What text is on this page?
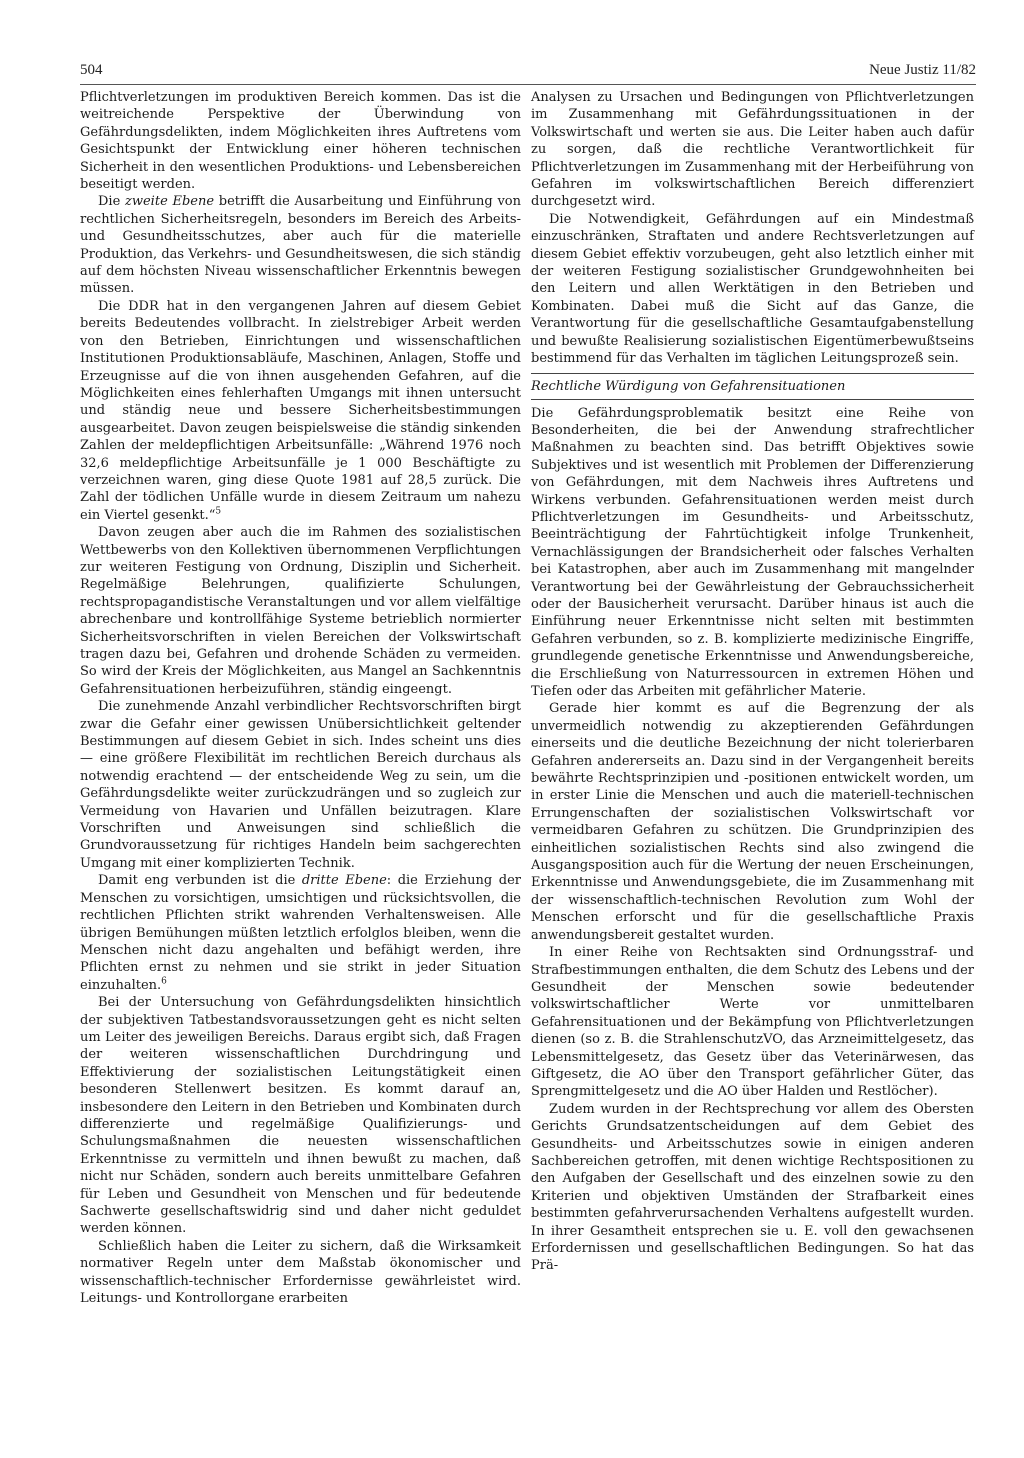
504	Neue Justiz 11/82

Pflichtverletzungen im produktiven Bereich kommen. Das ist die weitreichende Perspektive der Überwindung von Gefährdungsdelikten, indem Möglichkeiten ihres Auftretens vom Gesichtspunkt der Entwicklung einer höheren technischen Sicherheit in den wesentlichen Produktions- und Lebensbereichen beseitigt werden.

Die zweite Ebene betrifft die Ausarbeitung und Einführung von rechtlichen Sicherheitsregeln, besonders im Bereich des Arbeits- und Gesundheitsschutzes, aber auch für die materielle Produktion, das Verkehrs- und Gesundheitswesen, die sich ständig auf dem höchsten Niveau wissenschaftlicher Erkenntnis bewegen müssen.

Die DDR hat in den vergangenen Jahren auf diesem Gebiet bereits Bedeutendes vollbracht. In zielstrebiger Arbeit werden von den Betrieben, Einrichtungen und wissenschaftlichen Institutionen Produktionsabläufe, Maschinen, Anlagen, Stoffe und Erzeugnisse auf die von ihnen ausgehenden Gefahren, auf die Möglichkeiten eines fehlerhaften Umgangs mit ihnen untersucht und ständig neue und bessere Sicherheitsbestimmungen ausgearbeitet. Davon zeugen beispielsweise die ständig sinkenden Zahlen der meldepflichtigen Arbeitsunfälle: „Während 1976 noch 32,6 meldepflichtige Arbeitsunfälle je 1 000 Beschäftigte zu verzeichnen waren, ging diese Quote 1981 auf 28,5 zurück. Die Zahl der tödlichen Unfälle wurde in diesem Zeitraum um nahezu ein Viertel gesenkt.“$^5$

Davon zeugen aber auch die im Rahmen des sozialistischen Wettbewerbs von den Kollektiven übernommenen Verpflichtungen zur weiteren Festigung von Ordnung, Disziplin und Sicherheit. Regelmäßige Belehrungen, qualifizierte Schulungen, rechtspropagandistische Veranstaltungen und vor allem vielfältige abrechenbare und kontrollfähige Systeme betrieblich normierter Sicherheitsvorschriften in vielen Bereichen der Volkswirtschaft tragen dazu bei, Gefahren und drohende Schäden zu vermeiden. So wird der Kreis der Möglichkeiten, aus Mangel an Sachkenntnis Gefahrensituationen herbeizuführen, ständig eingeengt.

Die zunehmende Anzahl verbindlicher Rechtsvorschriften birgt zwar die Gefahr einer gewissen Unübersichtlichkeit geltender Bestimmungen auf diesem Gebiet in sich. Indes scheint uns dies — eine größere Flexibilität im rechtlichen Bereich durchaus als notwendig erachtend — der entscheidende Weg zu sein, um die Gefährdungsdelikte weiter zurückzudrängen und so zugleich zur Vermeidung von Havarien und Unfällen beizutragen. Klare Vorschriften und Anweisungen sind schließlich die Grundvoraussetzung für richtiges Handeln beim sachgerechten Umgang mit einer komplizierten Technik.

Damit eng verbunden ist die dritte Ebene: die Erziehung der Menschen zu vorsichtigen, umsichtigen und rücksichtsvollen, die rechtlichen Pflichten strikt wahrenden Verhaltensweisen. Alle übrigen Bemühungen müßten letztlich erfolglos bleiben, wenn die Menschen nicht dazu angehalten und befähigt werden, ihre Pflichten ernst zu nehmen und sie strikt in jeder Situation einzuhalten.$^6$

Bei der Untersuchung von Gefährdungsdelikten hinsichtlich der subjektiven Tatbestandsvoraussetzungen geht es nicht selten um Leiter des jeweiligen Bereichs. Daraus ergibt sich, daß Fragen der weiteren wissenschaftlichen Durchdringung und Effektivierung der sozialistischen Leitungstätigkeit einen besonderen Stellenwert besitzen. Es kommt darauf an, insbesondere den Leitern in den Betrieben und Kombinaten durch differenzierte und regelmäßige Qualifizierungs- und Schulungsmaßnahmen die neuesten wissenschaftlichen Erkenntnisse zu vermitteln und ihnen bewußt zu machen, daß nicht nur Schäden, sondern auch bereits unmittelbare Gefahren für Leben und Gesundheit von Menschen und für bedeutende Sachwerte gesellschaftswidrig sind und daher nicht geduldet werden können.

Schließlich haben die Leiter zu sichern, daß die Wirksamkeit normativer Regeln unter dem Maßstab ökonomischer und wissenschaftlich-technischer Erfordernisse gewährleistet wird. Leitungs- und Kontrollorgane erarbeiten

Analysen zu Ursachen und Bedingungen von Pflichtverletzungen im Zusammenhang mit Gefährdungssituationen in der Volkswirtschaft und werten sie aus. Die Leiter haben auch dafür zu sorgen, daß die rechtliche Verantwortlichkeit für Pflichtverletzungen im Zusammenhang mit der Herbeiführung von Gefahren im volkswirtschaftlichen Bereich differenziert durchgesetzt wird.

Die Notwendigkeit, Gefährdungen auf ein Mindestmaß einzuschränken, Straftaten und andere Rechtsverletzungen auf diesem Gebiet effektiv vorzubeugen, geht also letztlich einher mit der weiteren Festigung sozialistischer Grundgewohnheiten bei den Leitern und allen Werktätigen in den Betrieben und Kombinaten. Dabei muß die Sicht auf das Ganze, die Verantwortung für die gesellschaftliche Gesamtaufgabenstellung und bewußte Realisierung sozialistischen Eigentümerbewußtseins bestimmend für das Verhalten im täglichen Leitungsprozeß sein.

Rechtliche Würdigung von Gefahrensituationen

Die Gefährdungsproblematik besitzt eine Reihe von Besonderheiten, die bei der Anwendung strafrechtlicher Maßnahmen zu beachten sind. Das betrifft Objektives sowie Subjektives und ist wesentlich mit Problemen der Differenzierung von Gefährdungen, mit dem Nachweis ihres Auftretens und Wirkens verbunden. Gefahrensituationen werden meist durch Pflichtverletzungen im Gesundheits- und Arbeitsschutz, Beeinträchtigung der Fahrtüchtigkeit infolge Trunkenheit, Vernachlässigungen der Brandsicherheit oder falsches Verhalten bei Katastrophen, aber auch im Zusammenhang mit mangelnder Verantwortung bei der Gewährleistung der Gebrauchssicherheit oder der Bausicherheit verursacht. Darüber hinaus ist auch die Einführung neuer Erkenntnisse nicht selten mit bestimmten Gefahren verbunden, so z. B. komplizierte medizinische Eingriffe, grundlegende genetische Erkenntnisse und Anwendungsbereiche, die Erschließung von Naturressourcen in extremen Höhen und Tiefen oder das Arbeiten mit gefährlicher Materie.

Gerade hier kommt es auf die Begrenzung der als unvermeidlich notwendig zu akzeptierenden Gefährdungen einerseits und die deutliche Bezeichnung der nicht tolerierbaren Gefahren andererseits an. Dazu sind in der Vergangenheit bereits bewährte Rechtsprinzipien und -positionen entwickelt worden, um in erster Linie die Menschen und auch die materiell-technischen Errungenschaften der sozialistischen Volkswirtschaft vor vermeidbaren Gefahren zu schützen. Die Grundprinzipien des einheitlichen sozialistischen Rechts sind also zwingend die Ausgangsposition auch für die Wertung der neuen Erscheinungen, Erkenntnisse und Anwendungsgebiete, die im Zusammenhang mit der wissenschaftlich-technischen Revolution zum Wohl der Menschen erforscht und für die gesellschaftliche Praxis anwendungsbereit gestaltet wurden.

In einer Reihe von Rechtsakten sind Ordnungsstraf- und Strafbestimmungen enthalten, die dem Schutz des Lebens und der Gesundheit der Menschen sowie bedeutender volkswirtschaftlicher Werte vor unmittelbaren Gefahrensituationen und der Bekämpfung von Pflichtverletzungen dienen (so z. B. die StrahlenschutzVO, das Arzneimittelgesetz, das Lebensmittelgesetz, das Gesetz über das Veterinärwesen, das Giftgesetz, die AO über den Transport gefährlicher Güter, das Sprengmittelgesetz und die AO über Halden und Restlöcher).

Zudem wurden in der Rechtsprechung vor allem des Obersten Gerichts Grundsatzentscheidungen auf dem Gebiet des Gesundheits- und Arbeitsschutzes sowie in einigen anderen Sachbereichen getroffen, mit denen wichtige Rechtspositionen zu den Aufgaben der Gesellschaft und des einzelnen sowie zu den Kriterien und objektiven Umständen der Strafbarkeit eines bestimmten gefahrverursachenden Verhaltens aufgestellt wurden. In ihrer Gesamtheit entsprechen sie u. E. voll den gewachsenen Erfordernissen und gesellschaftlichen Bedingungen. So hat das Prä-
